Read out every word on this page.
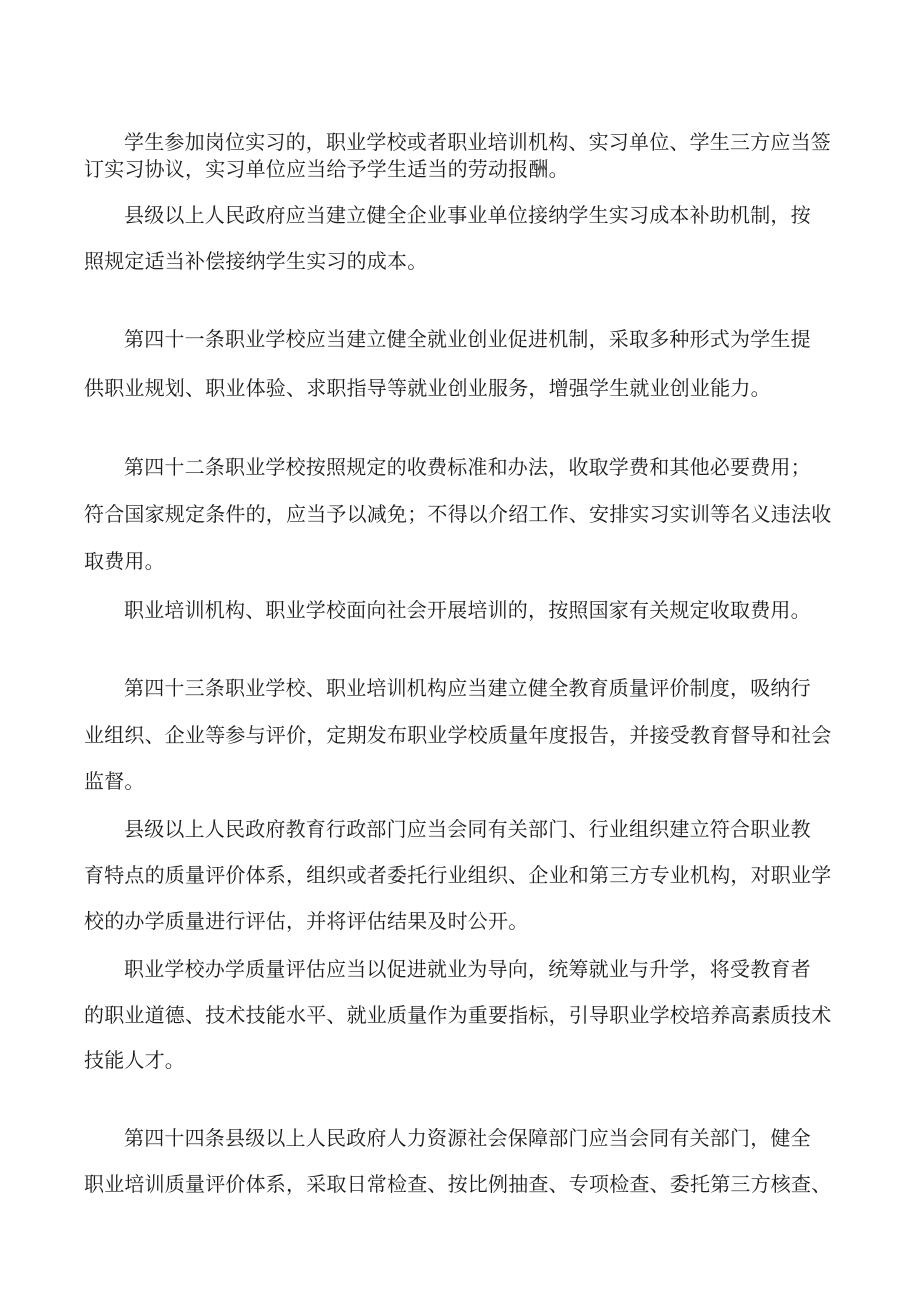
学生参加岗位实习的，职业学校或者职业培训机构、实习单位、学生三方应当签
订实习协议，实习单位应当给予学生适当的劳动报酬。
县级以上人民政府应当建立健全企业事业单位接纳学生实习成本补助机制，按
照规定适当补偿接纳学生实习的成本。
第四十一条职业学校应当建立健全就业创业促进机制，采取多种形式为学生提
供职业规划、职业体验、求职指导等就业创业服务，增强学生就业创业能力。
第四十二条职业学校按照规定的收费标准和办法，收取学费和其他必要费用；
符合国家规定条件的，应当予以减免；不得以介绍工作、安排实习实训等名义违法收
取费用。
职业培训机构、职业学校面向社会开展培训的，按照国家有关规定收取费用。
第四十三条职业学校、职业培训机构应当建立健全教育质量评价制度，吸纳行
业组织、企业等参与评价，定期发布职业学校质量年度报告，并接受教育督导和社会
监督。
县级以上人民政府教育行政部门应当会同有关部门、行业组织建立符合职业教
育特点的质量评价体系，组织或者委托行业组织、企业和第三方专业机构，对职业学
校的办学质量进行评估，并将评估结果及时公开。
职业学校办学质量评估应当以促进就业为导向，统筹就业与升学，将受教育者
的职业道德、技术技能水平、就业质量作为重要指标，引导职业学校培养高素质技术
技能人才。
第四十四条县级以上人民政府人力资源社会保障部门应当会同有关部门，健全
职业培训质量评价体系，采取日常检查、按比例抽查、专项检查、委托第三方核查、
